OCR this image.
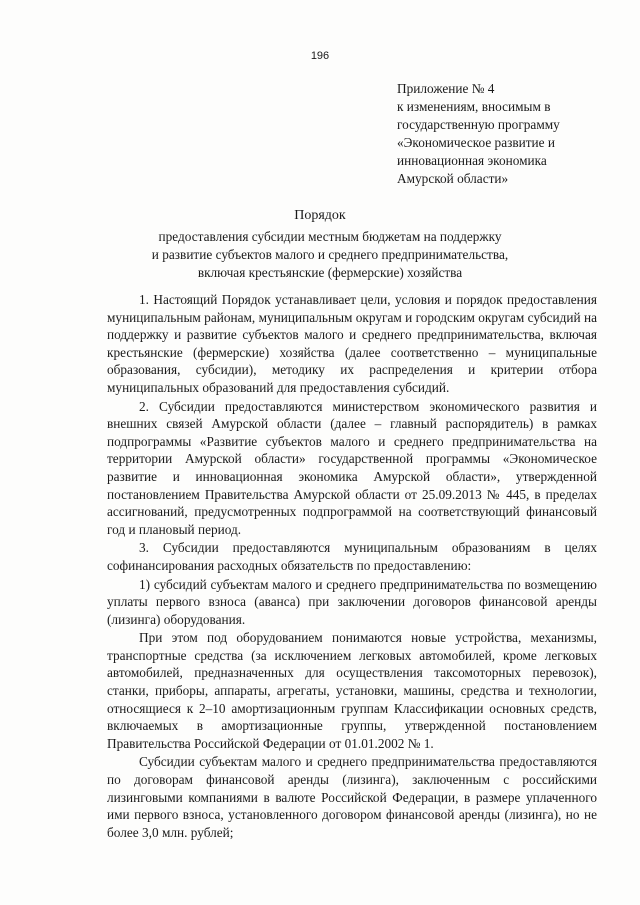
196
Приложение № 4
к изменениям, вносимым в
государственную программу
«Экономическое развитие и
инновационная экономика
Амурской области»
Порядок
предоставления субсидии местным бюджетам на поддержку
и развитие субъектов малого и среднего предпринимательства,
включая крестьянские (фермерские) хозяйства

1. Настоящий Порядок устанавливает цели, условия и порядок предоставления муниципальным районам, муниципальным округам и городским округам субсидий на поддержку и развитие субъектов малого и среднего предпринимательства, включая крестьянские (фермерские) хозяйства (далее соответственно – муниципальные образования, субсидии), методику их распределения и критерии отбора муниципальных образований для предоставления субсидий.

2. Субсидии предоставляются министерством экономического развития и внешних связей Амурской области (далее – главный распорядитель) в рамках подпрограммы «Развитие субъектов малого и среднего предпринимательства на территории Амурской области» государственной программы «Экономическое развитие и инновационная экономика Амурской области», утвержденной постановлением Правительства Амурской области от 25.09.2013 № 445, в пределах ассигнований, предусмотренных подпрограммой на соответствующий финансовый год и плановый период.

3. Субсидии предоставляются муниципальным образованиям в целях софинансирования расходных обязательств по предоставлению:

1) субсидий субъектам малого и среднего предпринимательства по возмещению уплаты первого взноса (аванса) при заключении договоров финансовой аренды (лизинга) оборудования.

При этом под оборудованием понимаются новые устройства, механизмы, транспортные средства (за исключением легковых автомобилей, кроме легковых автомобилей, предназначенных для осуществления таксомоторных перевозок), станки, приборы, аппараты, агрегаты, установки, машины, средства и технологии, относящиеся к 2–10 амортизационным группам Классификации основных средств, включаемых в амортизационные группы, утвержденной постановлением Правительства Российской Федерации от 01.01.2002 № 1.

Субсидии субъектам малого и среднего предпринимательства предоставляются по договорам финансовой аренды (лизинга), заключенным с российскими лизинговыми компаниями в валюте Российской Федерации, в размере уплаченного ими первого взноса, установленного договором финансовой аренды (лизинга), но не более 3,0 млн. рублей;
